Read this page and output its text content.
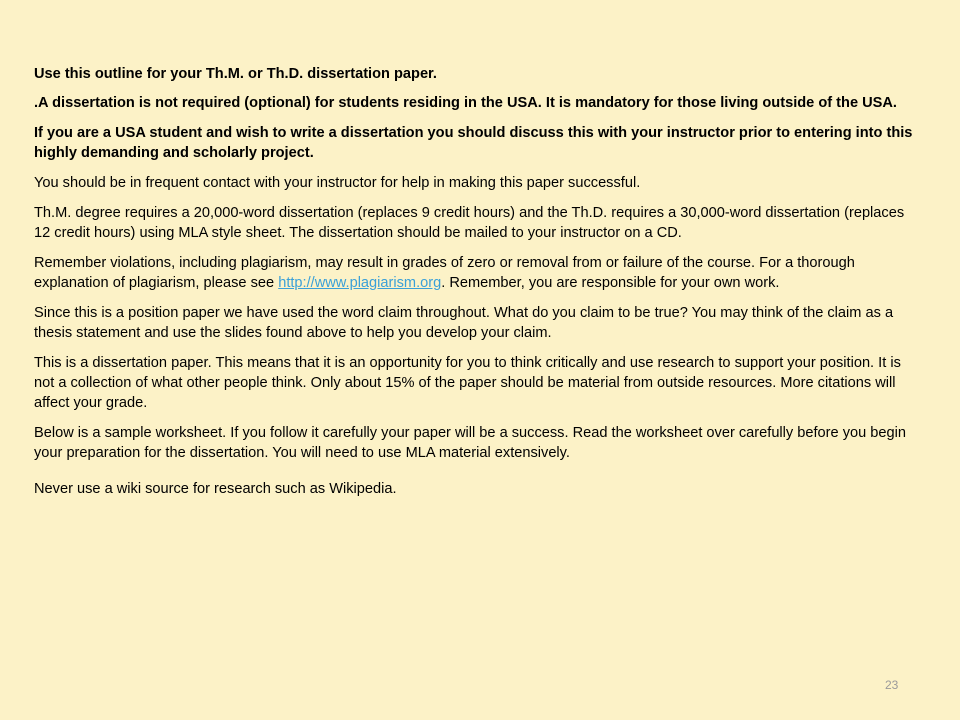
Use this outline for your Th.M. or Th.D. dissertation paper.

.A dissertation is not required (optional) for students residing in the USA. It is mandatory for those living outside of the USA.

If you are a USA student and wish to write a dissertation you should discuss this with your instructor prior to entering into this highly demanding and scholarly project.

You should be in frequent contact with your instructor for help in making this paper successful.

Th.M. degree requires a 20,000-word dissertation (replaces 9 credit hours) and the Th.D. requires a 30,000-word dissertation (replaces 12 credit hours) using MLA style sheet. The dissertation should be mailed to your instructor on a CD.

Remember violations, including plagiarism, may result in grades of zero or removal from or failure of the course. For a thorough explanation of plagiarism, please see http://www.plagiarism.org. Remember, you are responsible for your own work.

Since this is a position paper we have used the word claim throughout. What do you claim to be true? You may think of the claim as a thesis statement and use the slides found above to help you develop your claim.

This is a dissertation paper. This means that it is an opportunity for you to think critically and use research to support your position. It is not a collection of what other people think. Only about 15% of the paper should be material from outside resources. More citations will affect your grade.

Below is a sample worksheet. If you follow it carefully your paper will be a success. Read the worksheet over carefully before you begin your preparation for the dissertation. You will need to use MLA material extensively.

Never use a wiki source for research such as Wikipedia.

23
